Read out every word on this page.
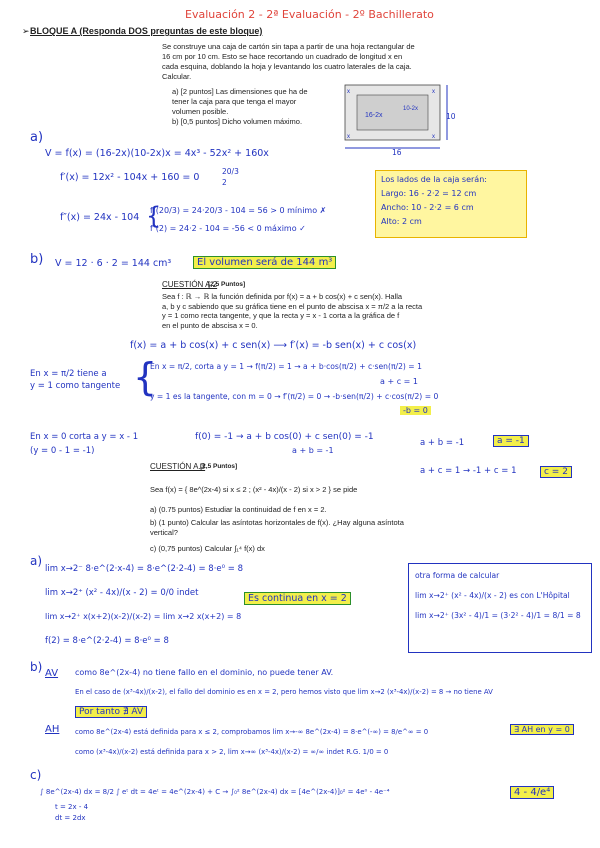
Evaluación 2 - 2ª Evaluación - 2º Bachillerato
BLOQUE A (Responda DOS preguntas de este bloque)
➢
Se construye una caja de cartón sin tapa a partir de una hoja rectangular de
16 cm por 10 cm. Esto se hace recortando un cuadrado de longitud x en
cada esquina, doblando la hoja y levantando los cuatro laterales de la caja.
Calcular.
a) [2 puntos] Las dimensiones que ha de
tener la caja para que tenga el mayor
volumen posible.
b) [0,5 puntos] Dicho volumen máximo.
16-2x
10-2x
x	x
x	x
10
16
a)
V = f(x) = (16-2x)(10-2x)x = 4x³ - 52x² + 160x
f′(x) = 12x² - 104x + 160 = 0
20/3
2
f″(x) = 24x - 104
f″(20/3) = 24·20/3 - 104 = 56 > 0 mínimo ✗
f″(2) = 24·2 - 104 = -56 < 0 máximo ✓
{
Los lados de la caja serán:
Largo: 16 - 2·2 = 12 cm
Ancho: 10 - 2·2 = 6 cm
Alto: 2 cm
b) V = 12 · 6 · 2 = 144 cm³	El volumen será de 144 m³
CUESTIÓN A.2
[2,5 Puntos]
Sea f : ℝ → ℝ la función definida por f(x) = a + b cos(x) + c sen(x). Halla
a, b y c sabiendo que su gráfica tiene en el punto de abscisa x = π/2 a la recta
y = 1 como recta tangente, y que la recta y = x - 1 corta a la gráfica de f
en el punto de abscisa x = 0.
f(x) = a + b cos(x) + c sen(x) ⟶ f′(x) = -b sen(x) + c cos(x)
En x = π/2 tiene a
y = 1 como tangente {
En x = π/2, corta a y = 1 → f(π/2) = 1 → a + b·cos(π/2) + c·sen(π/2) = 1
a + c = 1
y = 1 es la tangente, con m = 0 → f′(π/2) = 0 → -b·sen(π/2) + c·cos(π/2) = 0
-b = 0
En x = 0 corta a y = x - 1
(y = 0 - 1 = -1)
f(0) = -1 → a + b cos(0) + c sen(0) = -1
a + b = -1
a + b = -1	a = -1
a + c = 1 → -1 + c = 1	c = 2
CUESTIÓN A.3
[2,5 Puntos]
Sea f(x) = { 8e^(2x-4) si x ≤ 2 ; (x² - 4x)/(x - 2) si x > 2 } se pide
a) (0.75 puntos) Estudiar la continuidad de f en x = 2.
b) (1 punto) Calcular las asíntotas horizontales de f(x). ¿Hay alguna asíntota
vertical?
c) (0,75 puntos) Calcular ∫₁⁴ f(x) dx
a)
lim x→2⁻ 8·e^(2·x-4) = 8·e^(2·2-4) = 8·e⁰ = 8
lim x→2⁺ (x² - 4x)/(x - 2) = 0/0 indet
lim x→2⁺ x(x+2)(x-2)/(x-2) = lim x→2 x(x+2) = 8
Es continua en x = 2
f(2) = 8·e^(2·2-4) = 8·e⁰ = 8
otra forma de calcular
lim x→2⁺ (x² - 4x)/(x - 2) es con L'Hôpital
lim x→2⁺ (3x² - 4)/1 = (3·2² - 4)/1 = 8/1 = 8
b) AV como 8e^(2x-4) no tiene fallo en el dominio, no puede tener AV.
En el caso de (x³-4x)/(x-2), el fallo del dominio es en x = 2, pero hemos visto que lim x→2 (x³-4x)/(x-2) = 8 → no tiene AV
Por tanto ∄ AV
AH como 8e^(2x-4) está definida para x ≤ 2, comprobamos lim x→-∞ 8e^(2x-4) = 8·e^(-∞) = 8/e^∞ = 0	∃ AH en y = 0
como (x³-4x)/(x-2) está definida para x > 2, lim x→∞ (x³-4x)/(x-2) = ∞/∞ indet R.G. 1/0 = 0
c)
∫ 8e^(2x-4) dx = 8/2 ∫ eᵗ dt = 4eᵗ = 4e^(2x-4) + C → ∫₀² 8e^(2x-4) dx = [4e^(2x-4)]₀² = 4e⁰ - 4e⁻⁴
t = 2x - 4
dt = 2dx
4 - 4/e⁴
